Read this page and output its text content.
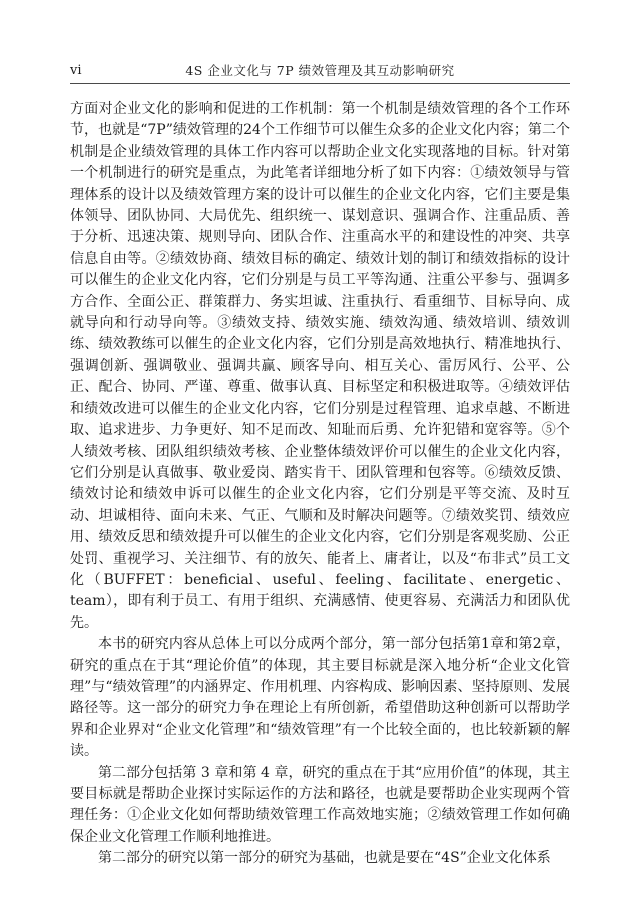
vi	4S 企业文化与 7P 绩效管理及其互动影响研究

方面对企业文化的影响和促进的工作机制：第一个机制是绩效管理的各个工作环节，也就是“7P”绩效管理的24个工作细节可以催生众多的企业文化内容；第二个机制是企业绩效管理的具体工作内容可以帮助企业文化实现落地的目标。针对第一个机制进行的研究是重点，为此笔者详细地分析了如下内容：①绩效领导与管理体系的设计以及绩效管理方案的设计可以催生的企业文化内容，它们主要是集体领导、团队协同、大局优先、组织统一、谋划意识、强调合作、注重品质、善于分析、迅速决策、规则导向、团队合作、注重高水平的和建设性的冲突、共享信息自由等。②绩效协商、绩效目标的确定、绩效计划的制订和绩效指标的设计可以催生的企业文化内容，它们分别是与员工平等沟通、注重公平参与、强调多方合作、全面公正、群策群力、务实坦诚、注重执行、看重细节、目标导向、成就导向和行动导向等。③绩效支持、绩效实施、绩效沟通、绩效培训、绩效训练、绩效教练可以催生的企业文化内容，它们分别是高效地执行、精准地执行、强调创新、强调敬业、强调共赢、顾客导向、相互关心、雷厉风行、公平、公正、配合、协同、严谨、尊重、做事认真、目标坚定和积极进取等。④绩效评估和绩效改进可以催生的企业文化内容，它们分别是过程管理、追求卓越、不断进取、追求进步、力争更好、知不足而改、知耻而后勇、允许犯错和宽容等。⑤个人绩效考核、团队组织绩效考核、企业整体绩效评价可以催生的企业文化内容，它们分别是认真做事、敬业爱岗、踏实肯干、团队管理和包容等。⑥绩效反馈、绩效讨论和绩效申诉可以催生的企业文化内容，它们分别是平等交流、及时互动、坦诚相待、面向未来、气正、气顺和及时解决问题等。⑦绩效奖罚、绩效应用、绩效反思和绩效提升可以催生的企业文化内容，它们分别是客观奖励、公正处罚、重视学习、关注细节、有的放矢、能者上、庸者让，以及“布非式”员工文化（BUFFET：beneficial、useful、feeling、facilitate、energetic、team），即有利于员工、有用于组织、充满感情、使更容易、充满活力和团队优先。

本书的研究内容从总体上可以分成两个部分，第一部分包括第1章和第2章，研究的重点在于其“理论价值”的体现，其主要目标就是深入地分析“企业文化管理”与“绩效管理”的内涵界定、作用机理、内容构成、影响因素、坚持原则、发展路径等。这一部分的研究力争在理论上有所创新，希望借助这种创新可以帮助学界和企业界对“企业文化管理”和“绩效管理”有一个比较全面的，也比较新颖的解读。

第二部分包括第 3 章和第 4 章，研究的重点在于其“应用价值”的体现，其主要目标就是帮助企业探讨实际运作的方法和路径，也就是要帮助企业实现两个管理任务：①企业文化如何帮助绩效管理工作高效地实施；②绩效管理工作如何确保企业文化管理工作顺利地推进。

第二部分的研究以第一部分的研究为基础，也就是要在“4S”企业文化体系
